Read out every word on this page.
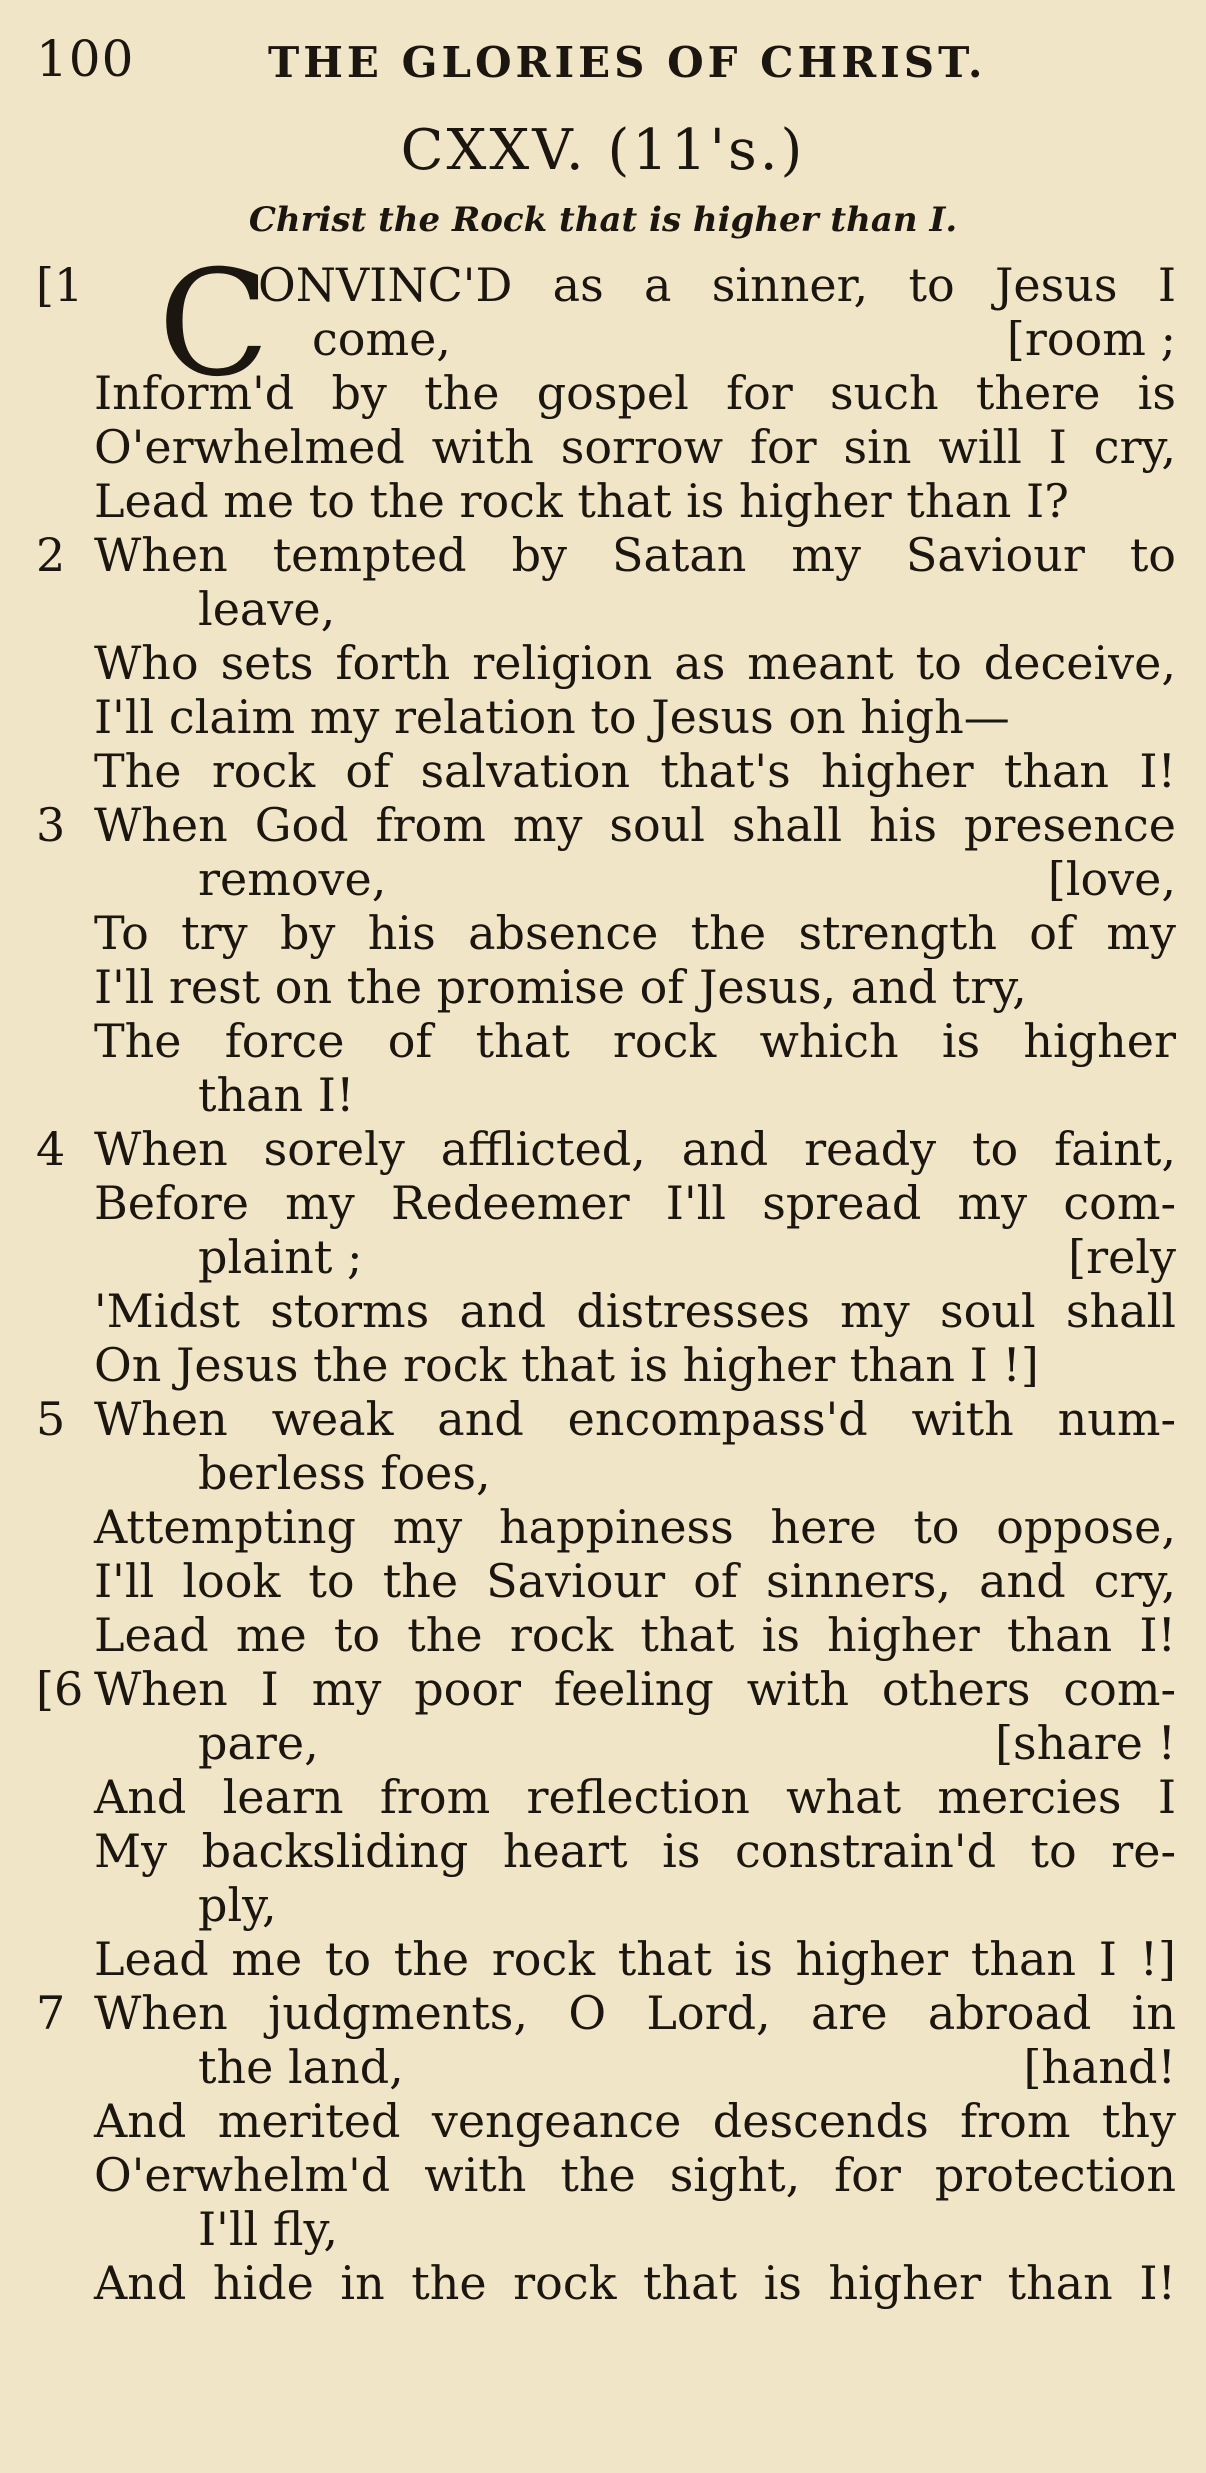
100	THE GLORIES OF CHRIST.
CXXV. (11's.)
Christ the Rock that is higher than I.
C
[1	ONVINC'D as a sinner, to Jesus I
come,	[room ;
Inform'd by the gospel for such there is
O'erwhelmed with sorrow for sin will I cry,
Lead me to the rock that is higher than I?
2 When tempted by Satan my Saviour to
leave,
Who sets forth religion as meant to deceive,
I'll claim my relation to Jesus on high—
The rock of salvation that's higher than I!
3 When God from my soul shall his presence
remove,	[love,
To try by his absence the strength of my
I'll rest on the promise of Jesus, and try,
The force of that rock which is higher
than I!
4 When sorely afflicted, and ready to faint,
Before my Redeemer I'll spread my com-
plaint ;	[rely
'Midst storms and distresses my soul shall
On Jesus the rock that is higher than I !]
5 When weak and encompass'd with num-
berless foes,
Attempting my happiness here to oppose,
I'll look to the Saviour of sinners, and cry,
Lead me to the rock that is higher than I!
[6 When I my poor feeling with others com-
pare,	[share !
And learn from reflection what mercies I
My backsliding heart is constrain'd to re-
ply,
Lead me to the rock that is higher than I !]
7 When judgments, O Lord, are abroad in
the land,	[hand!
And merited vengeance descends from thy
O'erwhelm'd with the sight, for protection
I'll fly,
And hide in the rock that is higher than I!
